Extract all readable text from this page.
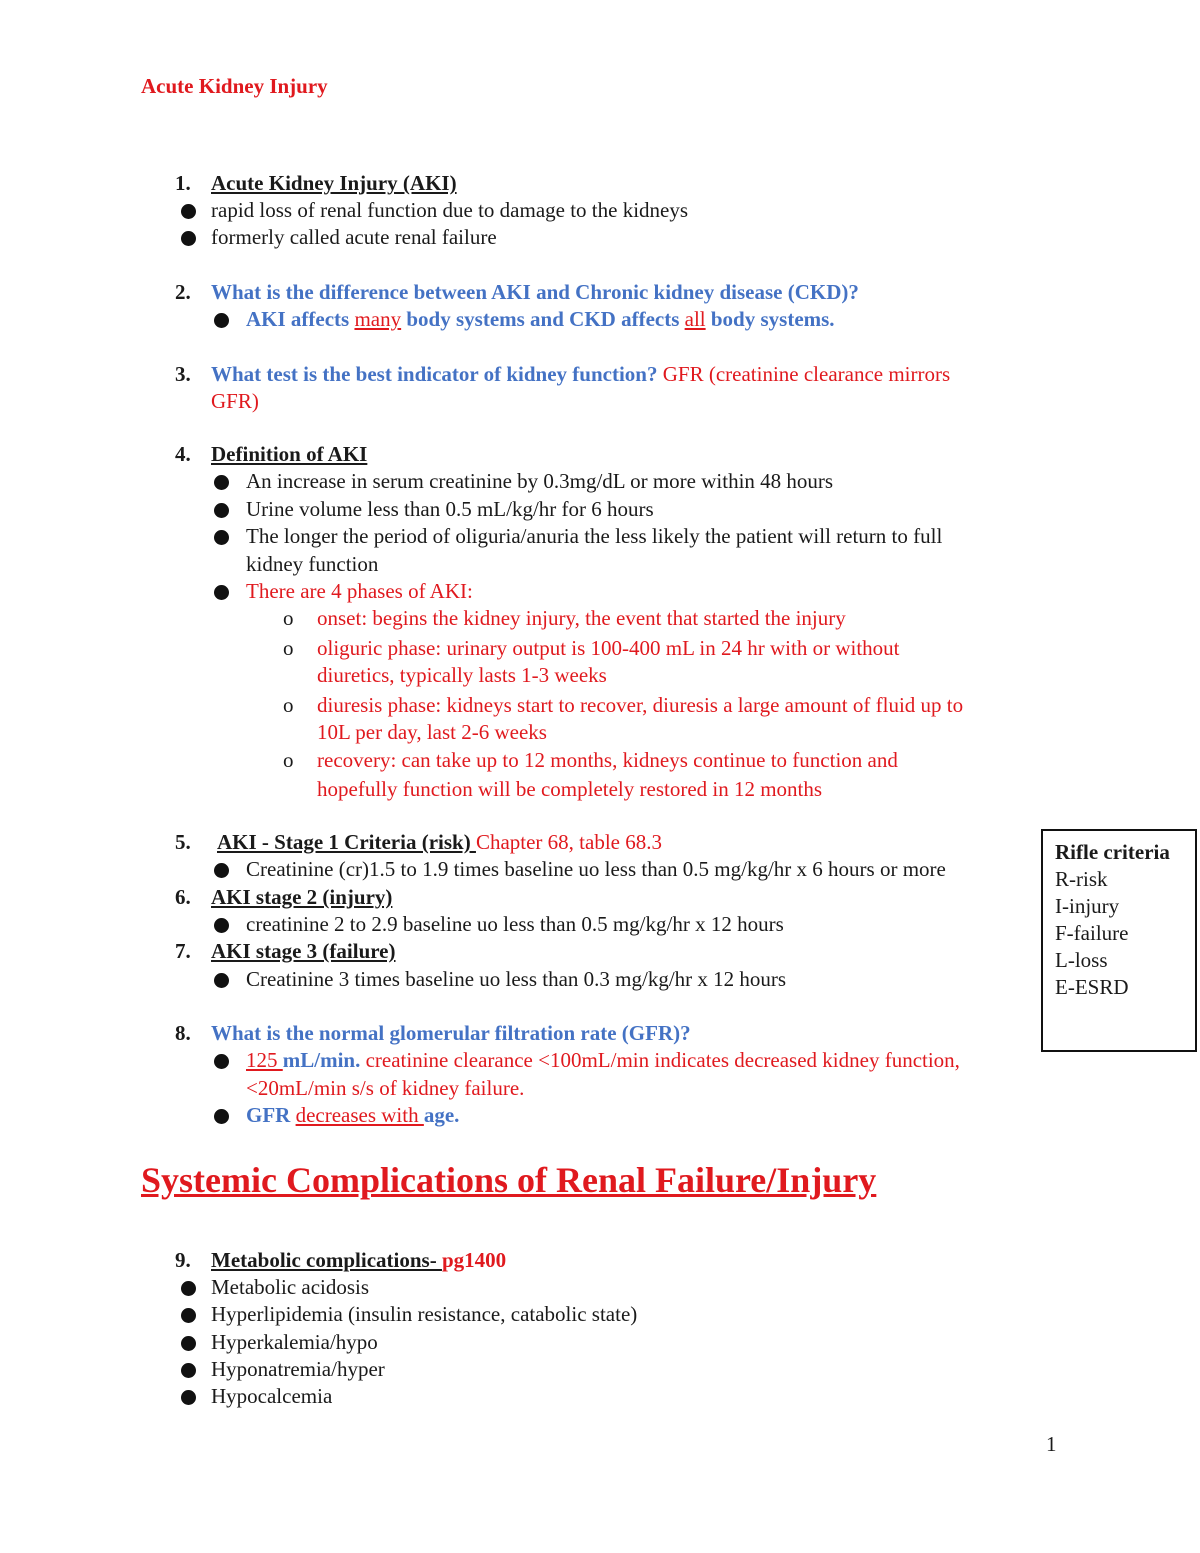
Acute Kidney Injury
1. Acute Kidney Injury (AKI)
rapid loss of renal function due to damage to the kidneys
formerly called acute renal failure
2. What is the difference between AKI and Chronic kidney disease (CKD)?
AKI affects many body systems and CKD affects all body systems.
3. What test is the best indicator of kidney function? GFR (creatinine clearance mirrors
GFR)
4. Definition of AKI
An increase in serum creatinine by 0.3mg/dL or more within 48 hours
Urine volume less than 0.5 mL/kg/hr for 6 hours
The longer the period of oliguria/anuria the less likely the patient will return to full
kidney function
There are 4 phases of AKI:
o onset: begins the kidney injury, the event that started the injury
o oliguric phase: urinary output is 100-400 mL in 24 hr with or without
diuretics, typically lasts 1-3 weeks
o diuresis phase: kidneys start to recover, diuresis a large amount of fluid up to
10L per day, last 2-6 weeks
o recovery: can take up to 12 months, kidneys continue to function and
hopefully function will be completely restored in 12 months
5. AKI - Stage 1 Criteria (risk) Chapter 68, table 68.3
Creatinine (cr)1.5 to 1.9 times baseline uo less than 0.5 mg/kg/hr x 6 hours or more
6. AKI stage 2 (injury)
creatinine 2 to 2.9 baseline uo less than 0.5 mg/kg/hr x 12 hours
7. AKI stage 3 (failure)
Creatinine 3 times baseline uo less than 0.3 mg/kg/hr x 12 hours
8. What is the normal glomerular filtration rate (GFR)?
125 mL/min. creatinine clearance <100mL/min indicates decreased kidney function,
<20mL/min s/s of kidney failure.
GFR decreases with age.
Rifle criteria
R-risk
I-injury
F-failure
L-loss
E-ESRD
Systemic Complications of Renal Failure/Injury
9. Metabolic complications- pg1400
Metabolic acidosis
Hyperlipidemia (insulin resistance, catabolic state)
Hyperkalemia/hypo
Hyponatremia/hyper
Hypocalcemia
1
